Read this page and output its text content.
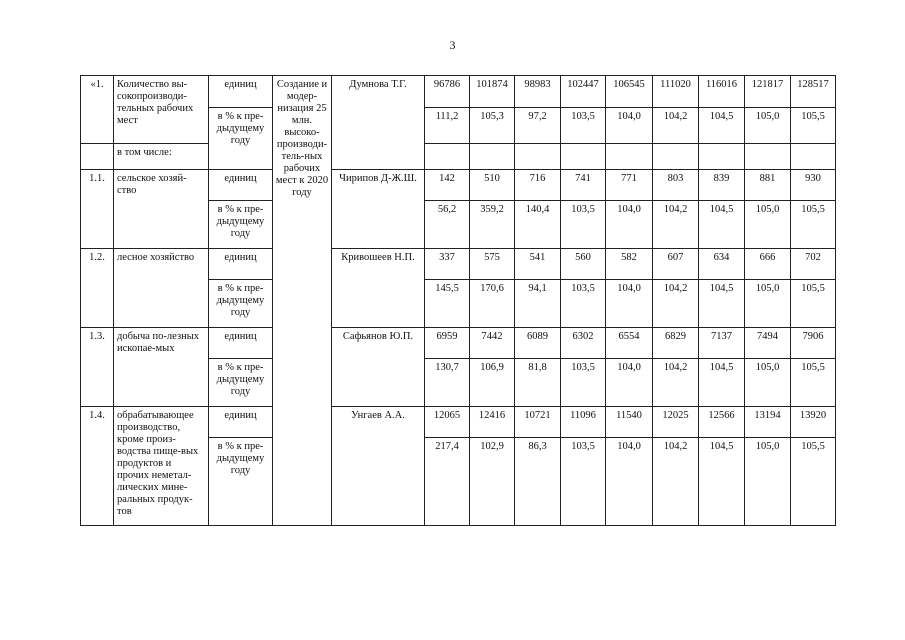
3
«1.	Количество вы-сокопроизводи-тельных рабочих мест	единиц	Создание и модер-низация 25 млн. высоко-производи-тель-ных рабочих мест к 2020 году	Думнова Т.Г.	96786	101874	98983	102447	106545	111020	116016	121817	128517
		в % к пре-дыдущему году			111,2	105,3	97,2	103,5	104,0	104,2	104,5	105,0	105,5
	в том числе:												
1.1.	сельское хозяй-ство	единиц		Чирипов Д-Ж.Ш.	142	510	716	741	771	803	839	881	930
		в % к пре-дыдущему году			56,2	359,2	140,4	103,5	104,0	104,2	104,5	105,0	105,5
1.2.	лесное хозяйство	единиц		Кривошеев Н.П.	337	575	541	560	582	607	634	666	702
		в % к пре-дыдущему году			145,5	170,6	94,1	103,5	104,0	104,2	104,5	105,0	105,5
1.3.	добыча по-лезных ископае-мых	единиц		Сафьянов Ю.П.	6959	7442	6089	6302	6554	6829	7137	7494	7906
		в % к пре-дыдущему году			130,7	106,9	81,8	103,5	104,0	104,2	104,5	105,0	105,5
1.4.	обрабатывающее производство, кроме произ-водства пище-вых продуктов и прочих неметал-лических мине-ральных продук-тов	единиц		Унгаев А.А.	12065	12416	10721	11096	11540	12025	12566	13194	13920
		в % к пре-дыдущему году			217,4	102,9	86,3	103,5	104,0	104,2	104,5	105,0	105,5
